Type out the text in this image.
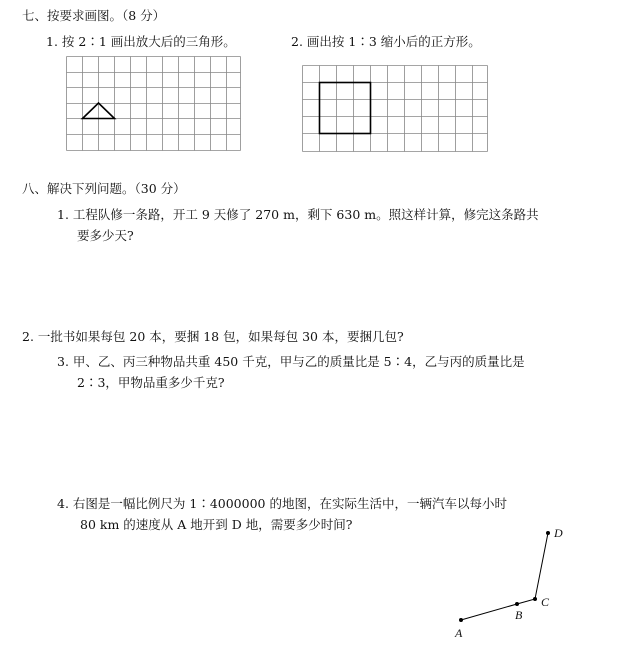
七、按要求画图。（8 分）
1. 按 2∶1 画出放大后的三角形。	2. 画出按 1∶3 缩小后的正方形。
八、解决下列问题。（30 分）
1. 工程队修一条路，开工 9 天修了 270 m，剩下 630 m。照这样计算，修完这条路共
要多少天?
2. 一批书如果每包 20 本，要捆 18 包，如果每包 30 本，要捆几包?
3. 甲、乙、丙三种物品共重 450 千克，甲与乙的质量比是 5∶4，乙与丙的质量比是
2∶3，甲物品重多少千克?
4. 右图是一幅比例尺为 1∶4000000 的地图，在实际生活中，一辆汽车以每小时
80 km 的速度从 A 地开到 D 地，需要多少时间?
A
B
C
D
